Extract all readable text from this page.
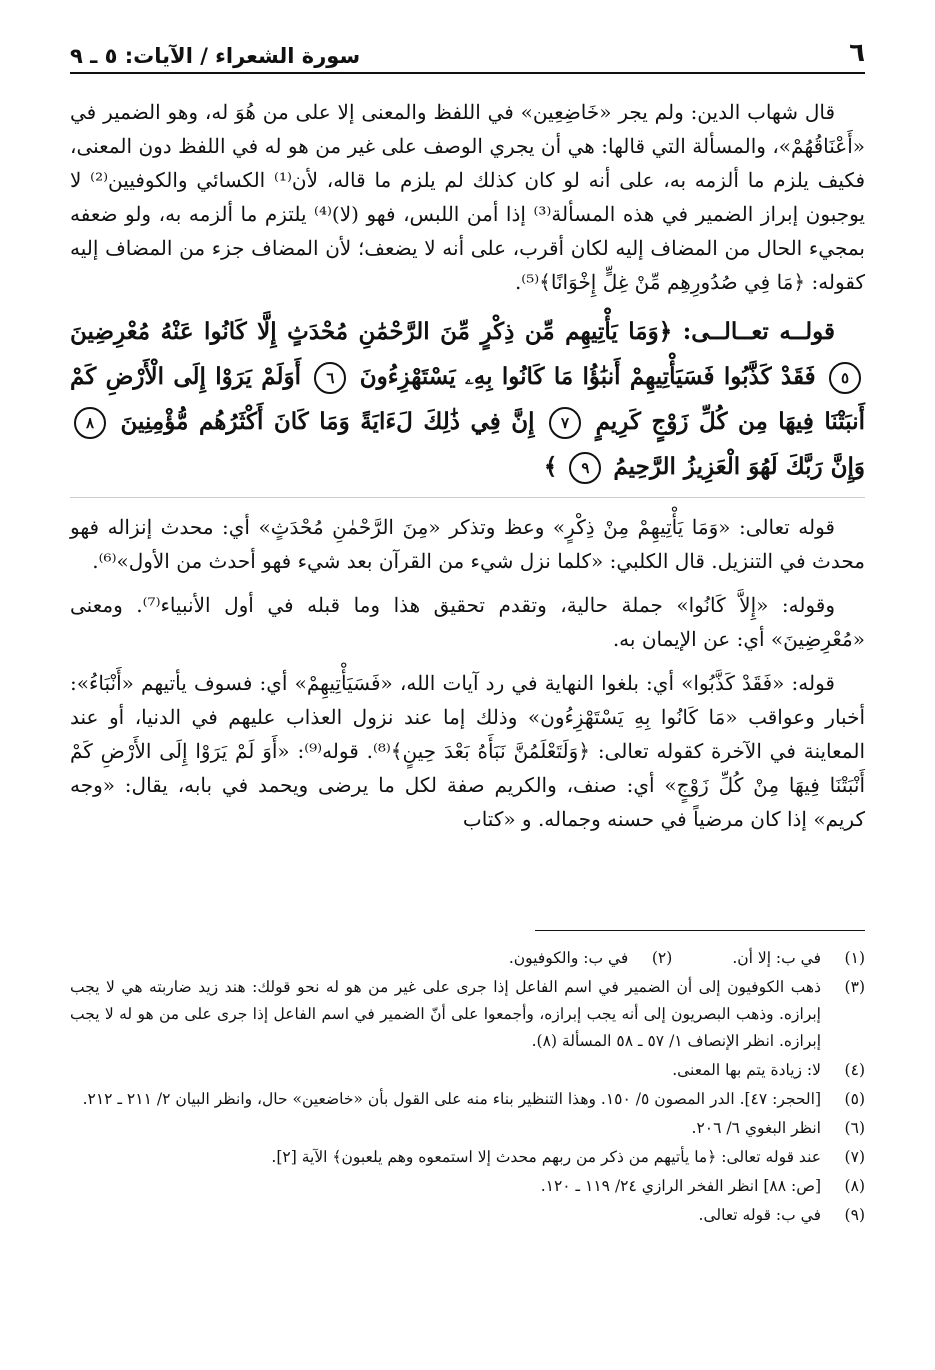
٦
سورة الشعراء / الآيات: ٥ ـ ٩

قال شهاب الدين: ولم يجر «خَاضِعِين» في اللفظ والمعنى إلا على من هُوَ له، وهو الضمير في «أَعْنَاقُهُمْ»، والمسألة التي قالها: هي أن يجري الوصف على غير من هو له في اللفظ دون المعنى، فكيف يلزم ما ألزمه به، على أنه لو كان كذلك لم يلزم ما قاله، لأن⁽¹⁾ الكسائي والكوفيين⁽²⁾ لا يوجبون إبراز الضمير في هذه المسألة⁽³⁾ إذا أمن اللبس، فهو (لا)⁽⁴⁾ يلتزم ما ألزمه به، ولو ضعفه بمجيء الحال من المضاف إليه لكان أقرب، على أنه لا يضعف؛ لأن المضاف جزء من المضاف إليه كقوله: ﴿مَا فِي صُدُورِهِم مِّنْ غِلٍّ إِخْوَانًا﴾⁽⁵⁾.

قولــه تعــالــى: ﴿وَمَا يَأْتِيهِم مِّن ذِكْرٍ مِّنَ الرَّحْمَٰنِ مُحْدَثٍ إِلَّا كَانُوا عَنْهُ مُعْرِضِينَ ٥ فَقَدْ كَذَّبُوا فَسَيَأْتِيهِمْ أَنبَٰؤُا مَا كَانُوا بِهِۦ يَسْتَهْزِءُونَ ٦ أَوَلَمْ يَرَوْا إِلَى الْأَرْضِ كَمْ أَنبَتْنَا فِيهَا مِن كُلِّ زَوْجٍ كَرِيمٍ ٧ إِنَّ فِي ذَٰلِكَ لَءَايَةً وَمَا كَانَ أَكْثَرُهُم مُّؤْمِنِينَ ٨ وَإِنَّ رَبَّكَ لَهُوَ الْعَزِيزُ الرَّحِيمُ ٩ ﴾

قوله تعالى: «وَمَا يَأْتِيهِمْ مِنْ ذِكْرٍ» وعظ وتذكر «مِنَ الرَّحْمٰنِ مُحْدَثٍ» أي: محدث إنزاله فهو محدث في التنزيل. قال الكلبي: «كلما نزل شيء من القرآن بعد شيء فهو أحدث من الأول»⁽⁶⁾.

وقوله: «إِلاَّ كَانُوا» جملة حالية، وتقدم تحقيق هذا وما قبله في أول الأنبياء⁽⁷⁾. ومعنى «مُعْرِضِينَ» أي: عن الإيمان به.

قوله: «فَقَدْ كَذَّبُوا» أي: بلغوا النهاية في رد آيات الله، «فَسَيَأْتِيهِمْ» أي: فسوف يأتيهم «أَنْبَاءُ»: أخبار وعواقب «مَا كَانُوا بِهِ يَسْتَهْزِءُون» وذلك إما عند نزول العذاب عليهم في الدنيا، أو عند المعاينة في الآخرة كقوله تعالى: ﴿وَلَتَعْلَمُنَّ نَبَأَهُ بَعْدَ حِينٍ﴾⁽⁸⁾. قوله⁽⁹⁾: «أَوَ لَمْ يَرَوْا إِلَى الأَرْضِ كَمْ أَنْبَتْنَا فِيهَا مِنْ كُلِّ زَوْجٍ» أي: صنف، والكريم صفة لكل ما يرضى ويحمد في بابه، يقال: «وجه كريم» إذا كان مرضياً في حسنه وجماله. و «كتاب

(١)
في ب: إلا أن.
(٢)
في ب: والكوفيون.
(٣)
ذهب الكوفيون إلى أن الضمير في اسم الفاعل إذا جرى على غير من هو له نحو قولك: هند زيد ضاربته هي لا يجب إبرازه. وذهب البصريون إلى أنه يجب إبرازه، وأجمعوا على أنّ الضمير في اسم الفاعل إذا جرى على من هو له لا يجب إبرازه. انظر الإنصاف ١/ ٥٧ ـ ٥٨ المسألة (٨).
(٤)
لا: زيادة يتم بها المعنى.
(٥)
[الحجر: ٤٧]. الدر المصون ٥/ ١٥٠. وهذا التنظير بناء منه على القول بأن «خاضعين» حال، وانظر البيان ٢/ ٢١١ ـ ٢١٢.
(٦)
انظر البغوي ٦/ ٢٠٦.
(٧)
عند قوله تعالى: ﴿ما يأتيهم من ذكر من ربهم محدث إلا استمعوه وهم يلعبون﴾ الآية [٢].
(٨)
[ص: ٨٨] انظر الفخر الرازي ٢٤/ ١١٩ ـ ١٢٠.
(٩)
في ب: قوله تعالى.
